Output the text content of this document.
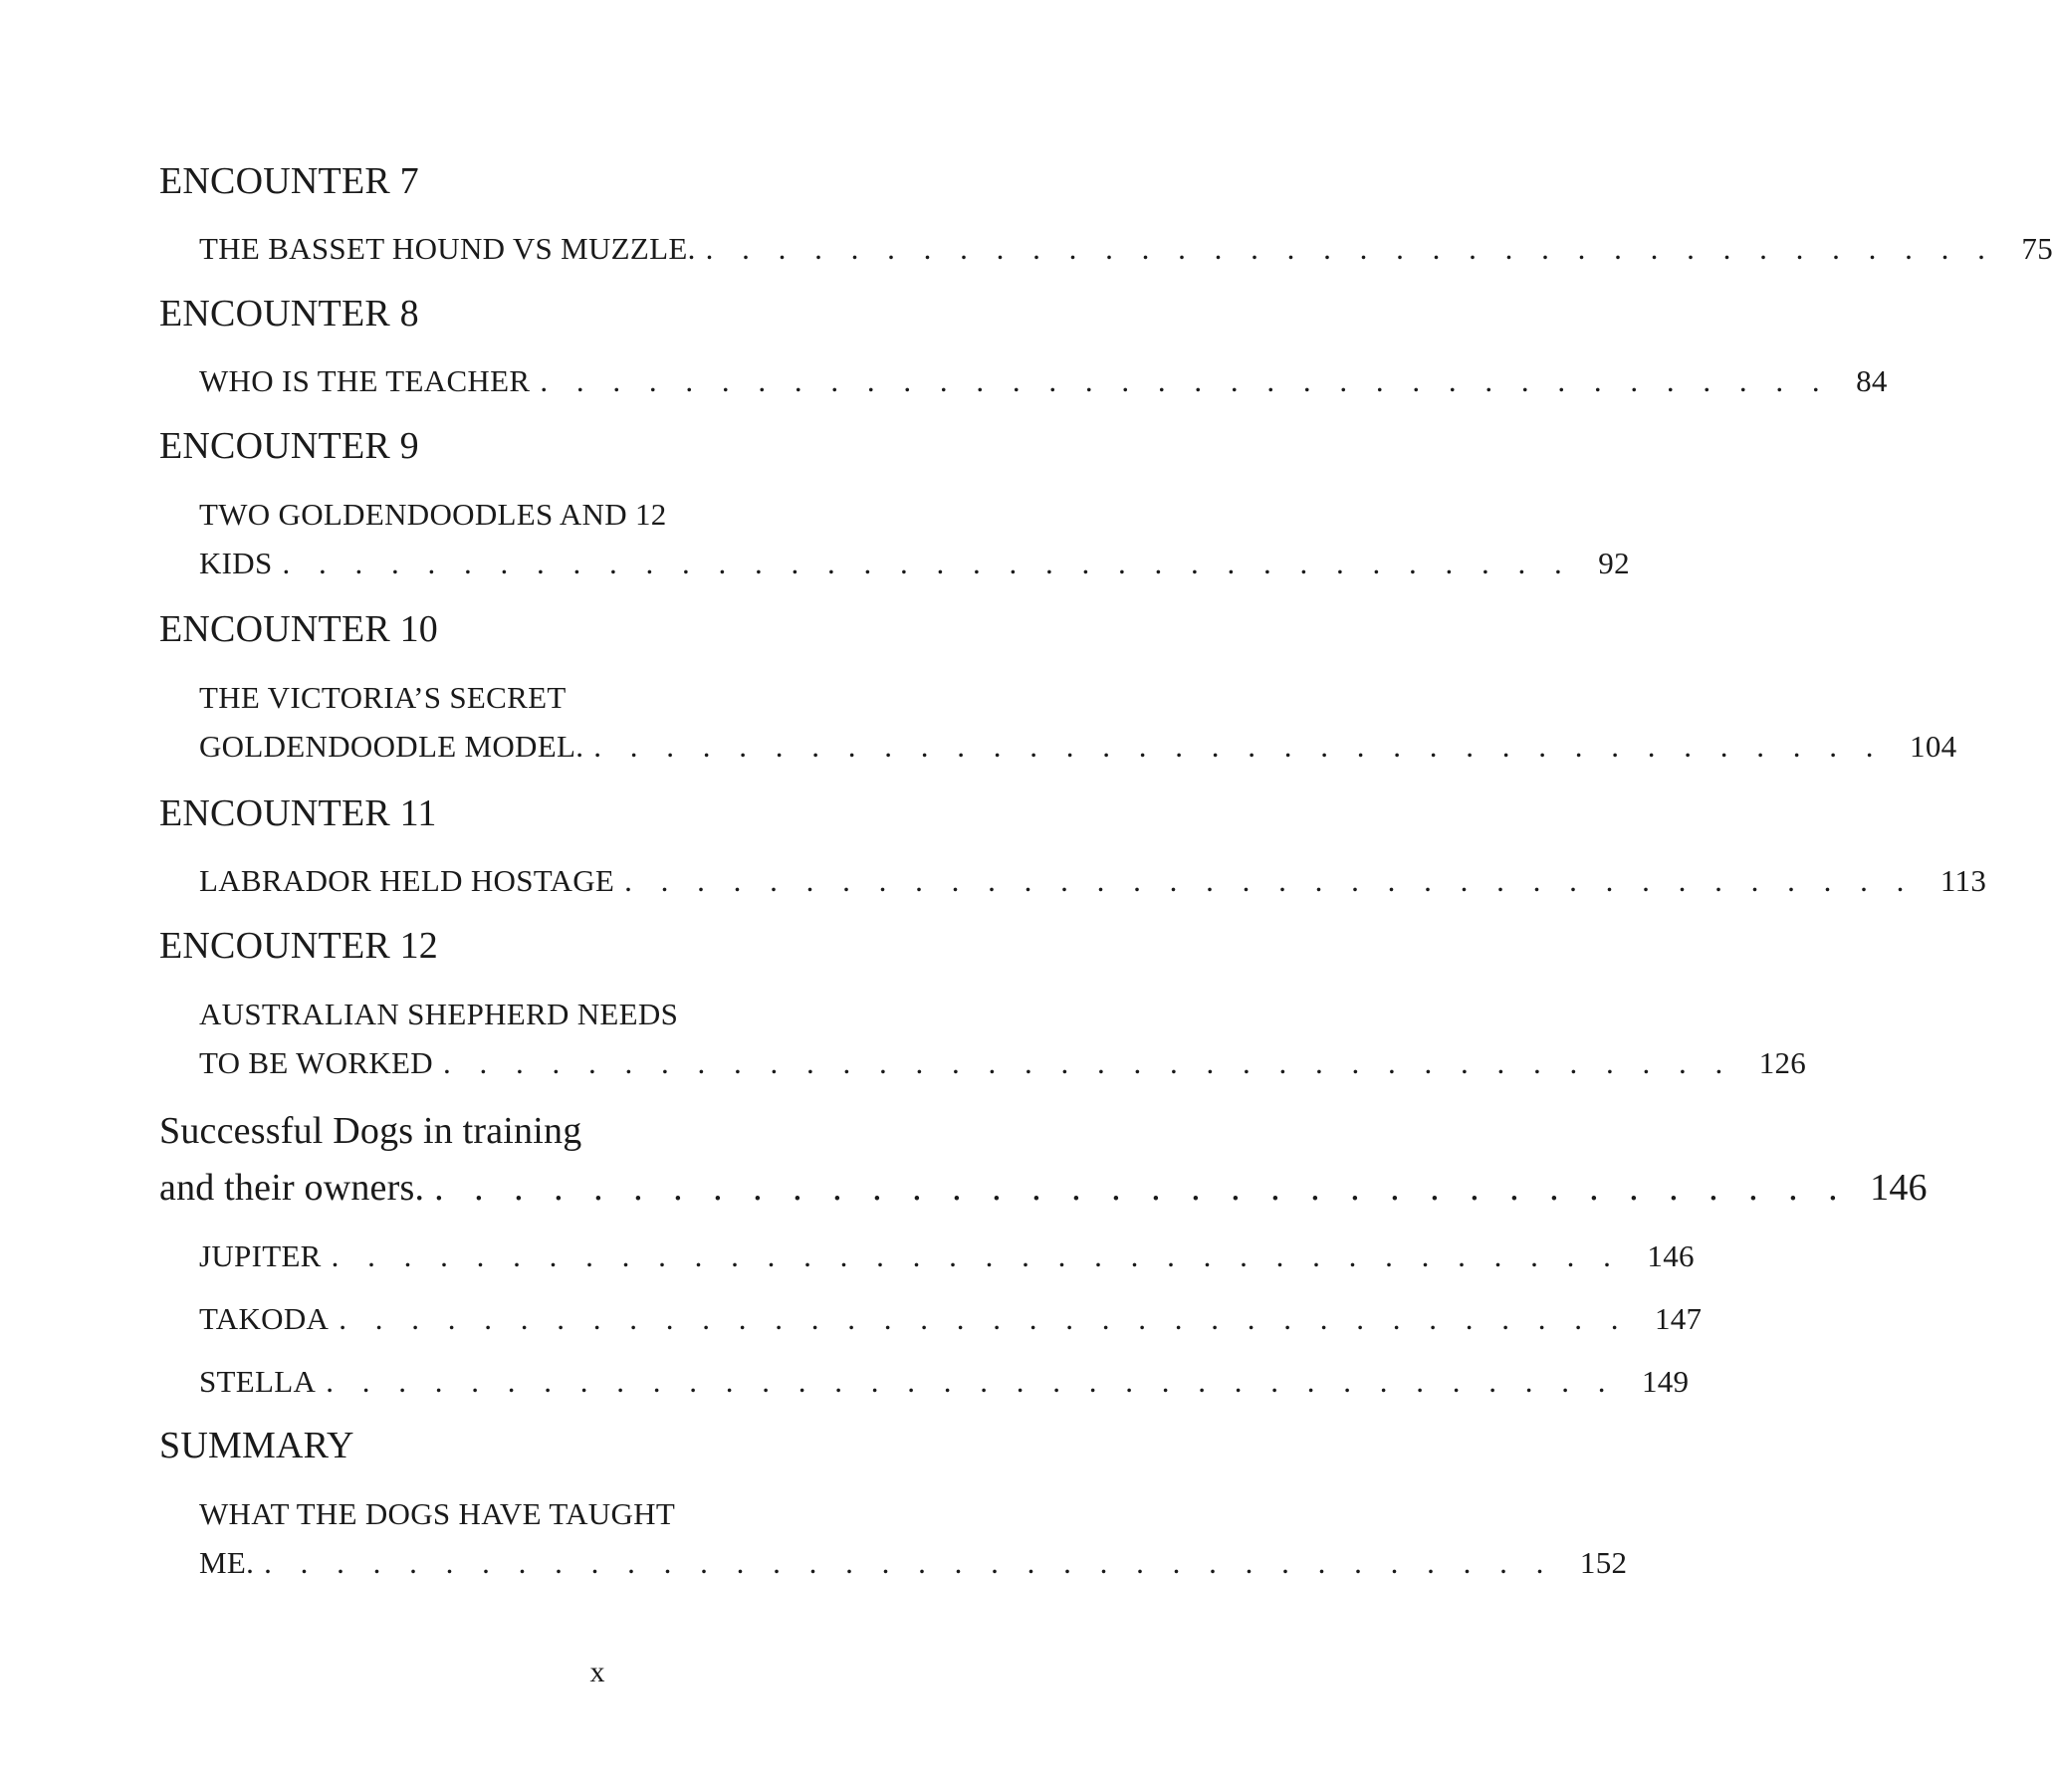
ENCOUNTER 7
THE BASSET HOUND VS MUZZLE. . . . . . . . . . . . . . . . . . . . . . . . . . . . . . . . . . . . . 75
ENCOUNTER 8
WHO IS THE TEACHER . . . . . . . . . . . . . . . . . . . . . . . . . . . . . . . . . . . . 84
ENCOUNTER 9
TWO GOLDENDOODLES AND 12
KIDS . . . . . . . . . . . . . . . . . . . . . . . . . . . . . . . . . . . . 92
ENCOUNTER 10
THE VICTORIA’S SECRET
GOLDENDOODLE MODEL. . . . . . . . . . . . . . . . . . . . . . . . . . . . . . . . . . . . . 104
ENCOUNTER 11
LABRADOR HELD HOSTAGE . . . . . . . . . . . . . . . . . . . . . . . . . . . . . . . . . . . . 113
ENCOUNTER 12
AUSTRALIAN SHEPHERD NEEDS
TO BE WORKED . . . . . . . . . . . . . . . . . . . . . . . . . . . . . . . . . . . . 126
Successful Dogs in training
and their owners. . . . . . . . . . . . . . . . . . . . . . . . . . . . . . . . . . . . . 146
JUPITER . . . . . . . . . . . . . . . . . . . . . . . . . . . . . . . . . . . . 146
TAKODA . . . . . . . . . . . . . . . . . . . . . . . . . . . . . . . . . . . . 147
STELLA . . . . . . . . . . . . . . . . . . . . . . . . . . . . . . . . . . . . 149
SUMMARY
WHAT THE DOGS HAVE TAUGHT
ME. . . . . . . . . . . . . . . . . . . . . . . . . . . . . . . . . . . . . 152
x
